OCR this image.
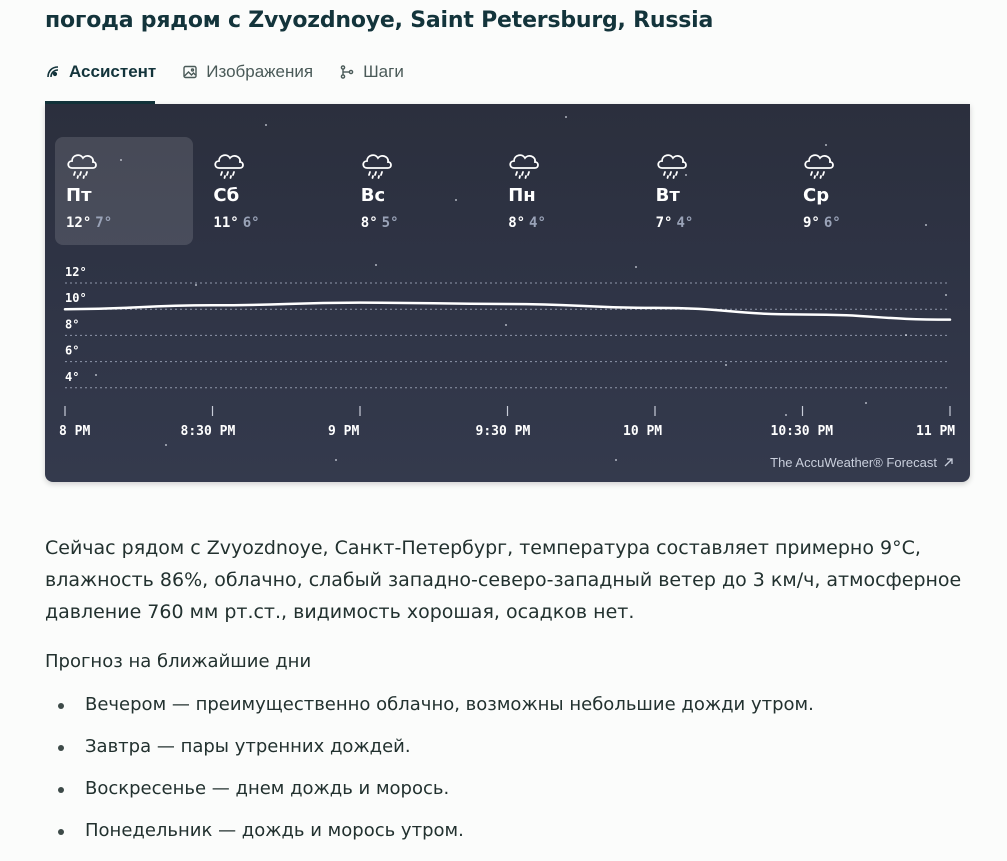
погода рядом с Zvyozdnoye, Saint Petersburg, Russia
Ассистент	Изображения	Шаги
Пт
12° 7°
Сб
11° 6°
Вс
8° 5°
Пн
8° 4°
Вт
7° 4°
Ср
9° 6°
12°
10°
8°
6°
4°
8 PM	8:30 PM	9 PM	9:30 PM	10 PM	10:30 PM	11 PM
The AccuWeather® Forecast
Сейчас рядом с Zvyozdnoye, Санкт-Петербург, температура составляет примерно 9°C, влажность 86%, облачно, слабый западно-северо-западный ветер до 3 км/ч, атмосферное давление 760 мм рт.ст., видимость хорошая, осадков нет.
Прогноз на ближайшие дни
Вечером — преимущественно облачно, возможны небольшие дожди утром.
Завтра — пары утренних дождей.
Воскресенье — днем дождь и морось.
Понедельник — дождь и морось утром.
